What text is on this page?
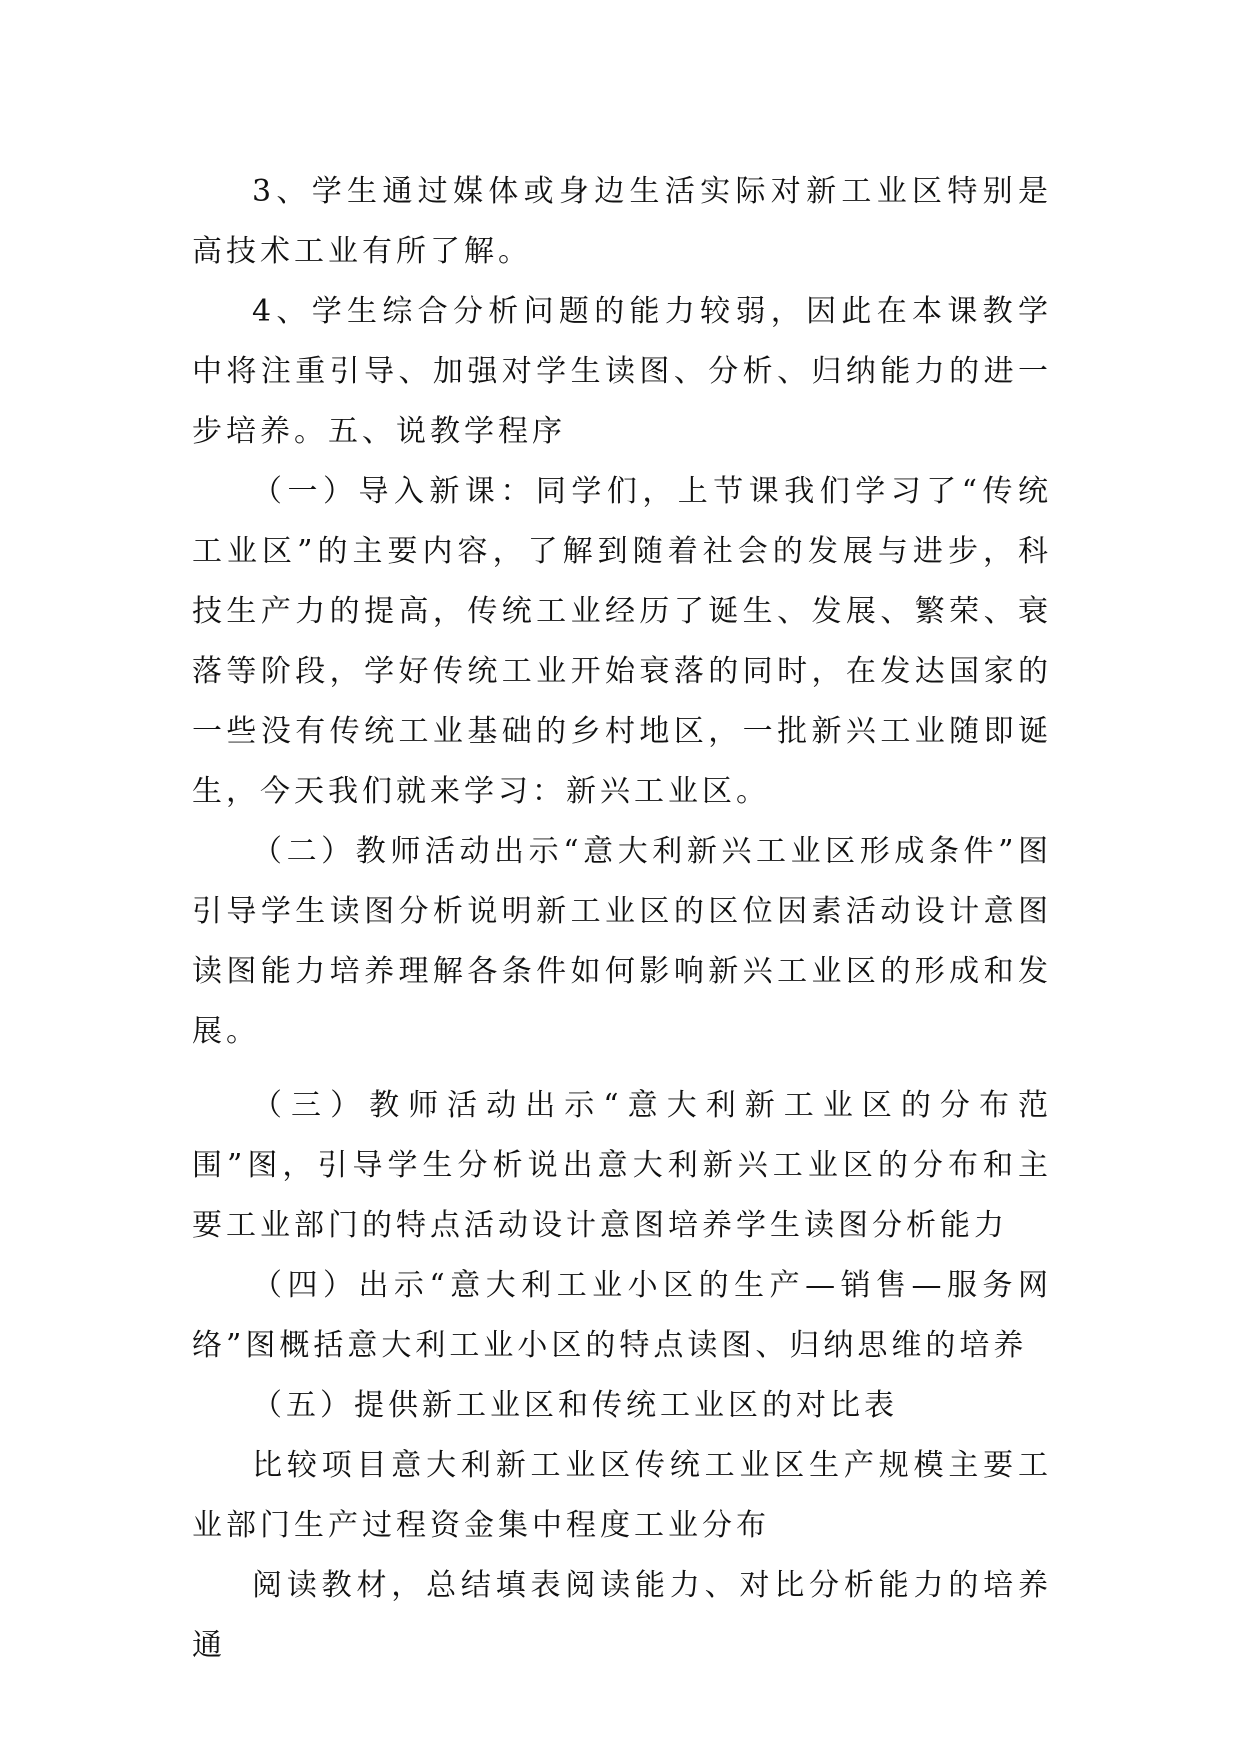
3、学生通过媒体或身边生活实际对新工业区特别是高技术工业有所了解。

4、学生综合分析问题的能力较弱，因此在本课教学中将注重引导、加强对学生读图、分析、归纳能力的进一步培养。五、说教学程序

（一）导入新课：同学们，上节课我们学习了“传统工业区”的主要内容，了解到随着社会的发展与进步，科技生产力的提高，传统工业经历了诞生、发展、繁荣、衰落等阶段，学好传统工业开始衰落的同时，在发达国家的一些没有传统工业基础的乡村地区，一批新兴工业随即诞生，今天我们就来学习：新兴工业区。

（二）教师活动出示“意大利新兴工业区形成条件”图引导学生读图分析说明新工业区的区位因素活动设计意图读图能力培养理解各条件如何影响新兴工业区的形成和发展。

（三）教师活动出示“意大利新工业区的分布范围”图，引导学生分析说出意大利新兴工业区的分布和主要工业部门的特点活动设计意图培养学生读图分析能力

（四）出示“意大利工业小区的生产—销售—服务网络”图概括意大利工业小区的特点读图、归纳思维的培养

（五）提供新工业区和传统工业区的对比表

比较项目意大利新工业区传统工业区生产规模主要工业部门生产过程资金集中程度工业分布

阅读教材，总结填表阅读能力、对比分析能力的培养通
